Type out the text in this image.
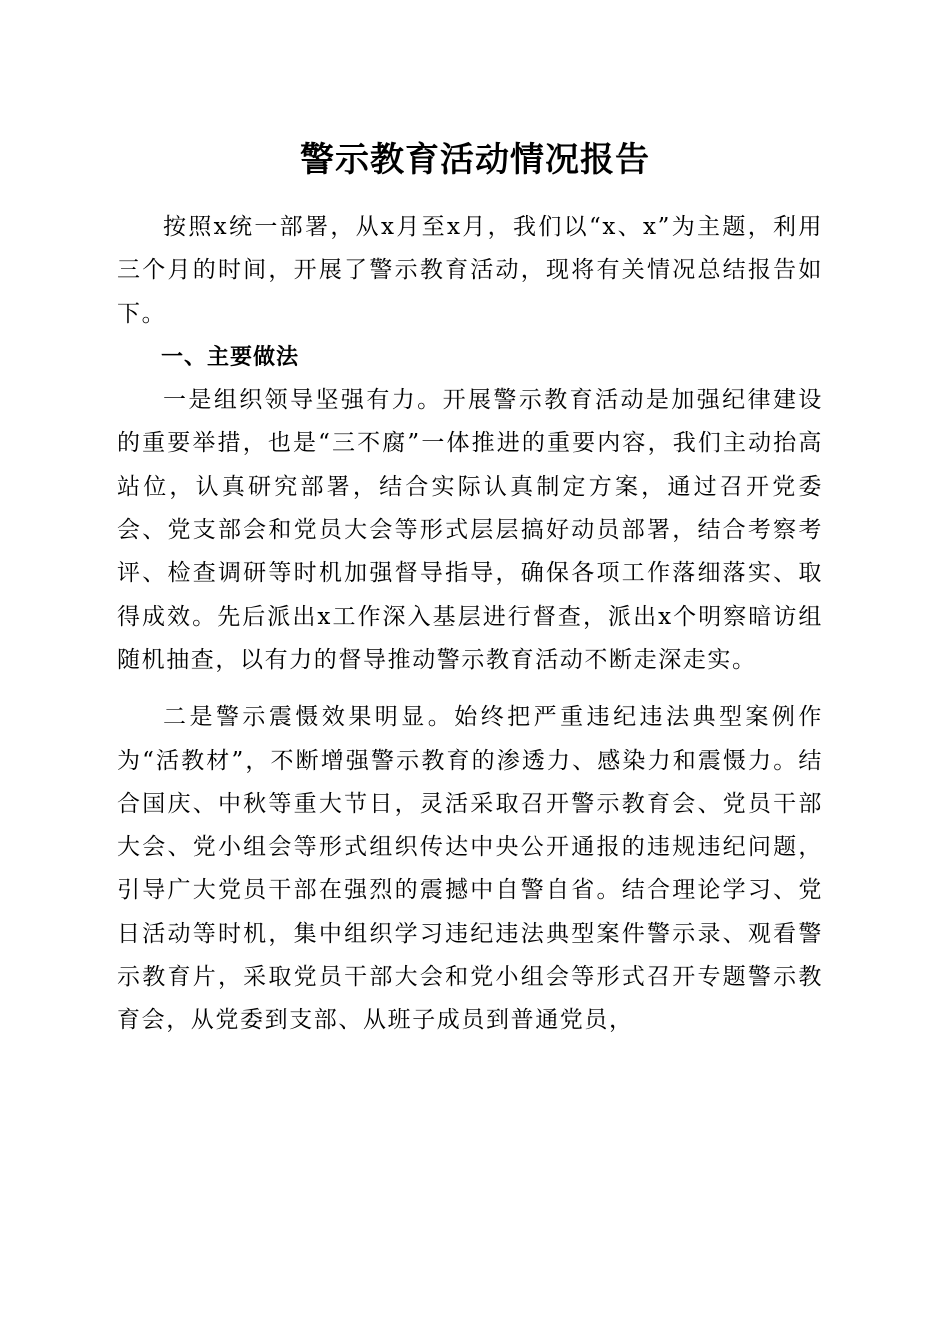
警示教育活动情况报告

按照x统一部署，从x月至x月，我们以“x、x”为主题，利用三个月的时间，开展了警示教育活动，现将有关情况总结报告如下。

一、主要做法

一是组织领导坚强有力。开展警示教育活动是加强纪律建设的重要举措，也是“三不腐”一体推进的重要内容，我们主动抬高站位，认真研究部署，结合实际认真制定方案，通过召开党委会、党支部会和党员大会等形式层层搞好动员部署，结合考察考评、检查调研等时机加强督导指导，确保各项工作落细落实、取得成效。先后派出x工作深入基层进行督查，派出x个明察暗访组随机抽查，以有力的督导推动警示教育活动不断走深走实。

二是警示震慑效果明显。始终把严重违纪违法典型案例作为“活教材”，不断增强警示教育的渗透力、感染力和震慑力。结合国庆、中秋等重大节日，灵活采取召开警示教育会、党员干部大会、党小组会等形式组织传达中央公开通报的违规违纪问题，引导广大党员干部在强烈的震撼中自警自省。结合理论学习、党日活动等时机，集中组织学习违纪违法典型案件警示录、观看警示教育片，采取党员干部大会和党小组会等形式召开专题警示教育会，从党委到支部、从班子成员到普通党员，
